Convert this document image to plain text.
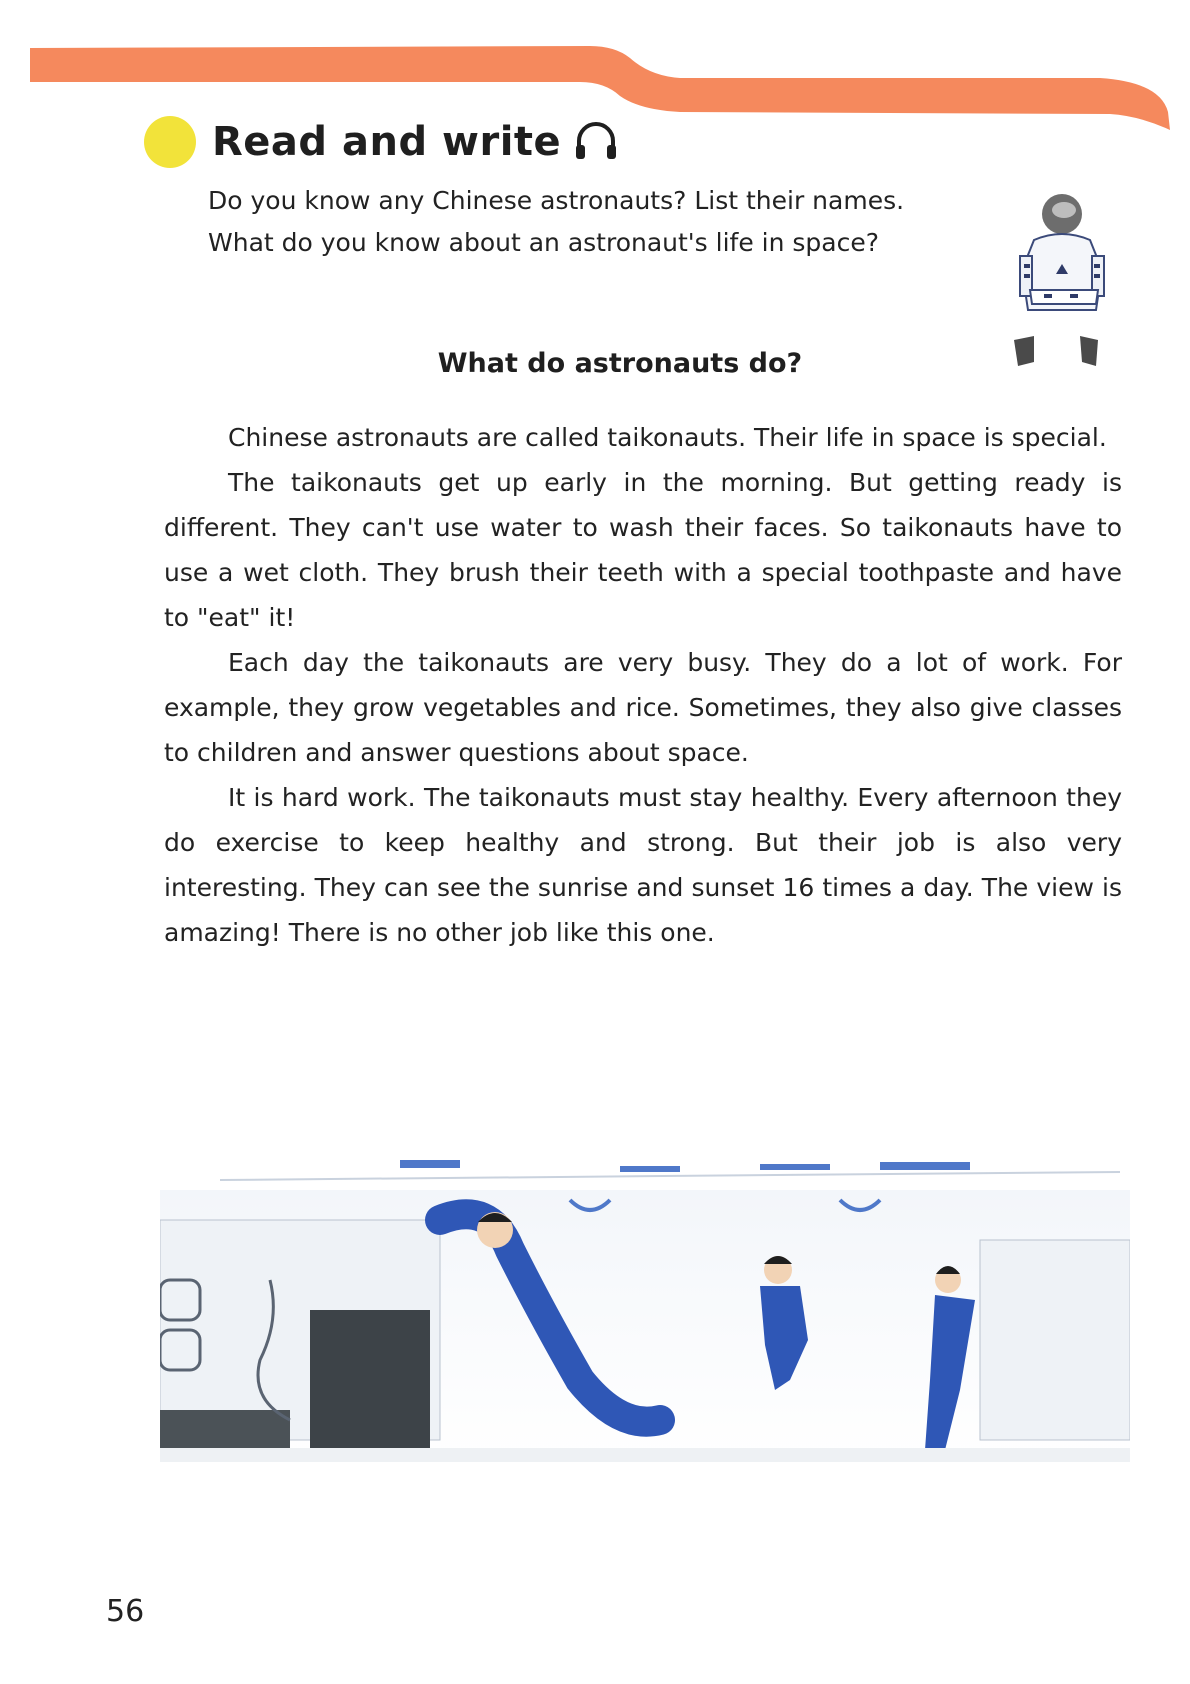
Read and write

Do you know any Chinese astronauts? List their names.

What do you know about an astronaut's life in space?

What do astronauts do?

Chinese astronauts are called taikonauts. Their life in space is special.

The taikonauts get up early in the morning. But getting ready is different. They can't use water to wash their faces. So taikonauts have to use a wet cloth. They brush their teeth with a special toothpaste and have to "eat" it!

Each day the taikonauts are very busy. They do a lot of work. For example, they grow vegetables and rice. Sometimes, they also give classes to children and answer questions about space.

It is hard work. The taikonauts must stay healthy. Every afternoon they do exercise to keep healthy and strong. But their job is also very interesting. They can see the sunrise and sunset 16 times a day. The view is amazing! There is no other job like this one.

56
